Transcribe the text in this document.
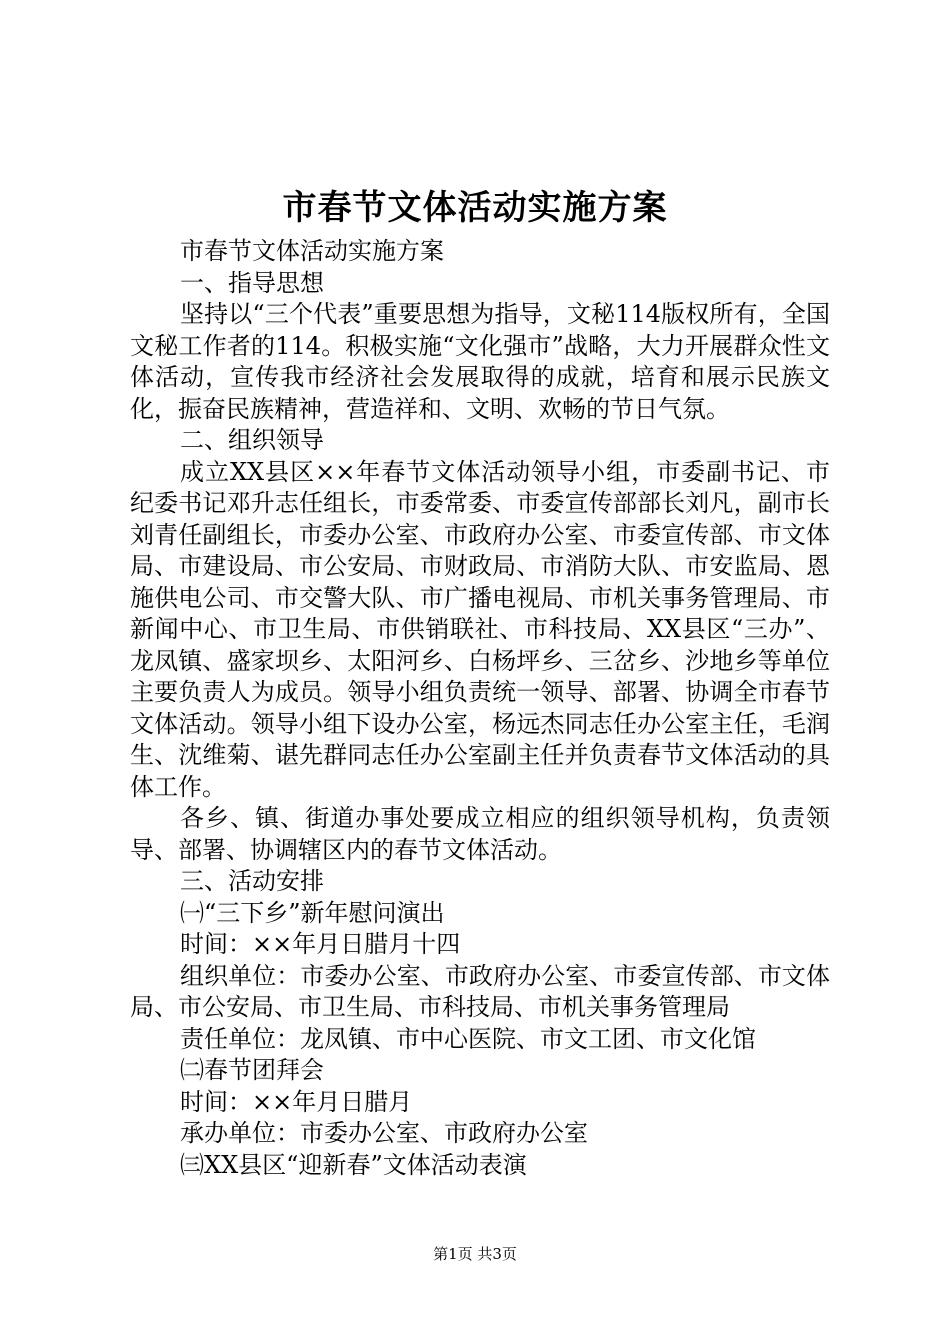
市春节文体活动实施方案

市春节文体活动实施方案

一、指导思想

坚持以“三个代表”重要思想为指导，文秘114版权所有，全国文秘工作者的114。积极实施“文化强市”战略，大力开展群众性文体活动，宣传我市经济社会发展取得的成就，培育和展示民族文化，振奋民族精神，营造祥和、文明、欢畅的节日气氛。

二、组织领导

成立XX县区××年春节文体活动领导小组，市委副书记、市纪委书记邓升志任组长，市委常委、市委宣传部部长刘凡，副市长刘青任副组长，市委办公室、市政府办公室、市委宣传部、市文体局、市建设局、市公安局、市财政局、市消防大队、市安监局、恩施供电公司、市交警大队、市广播电视局、市机关事务管理局、市新闻中心、市卫生局、市供销联社、市科技局、XX县区“三办”、龙凤镇、盛家坝乡、太阳河乡、白杨坪乡、三岔乡、沙地乡等单位主要负责人为成员。领导小组负责统一领导、部署、协调全市春节文体活动。领导小组下设办公室，杨远杰同志任办公室主任，毛润生、沈维菊、谌先群同志任办公室副主任并负责春节文体活动的具体工作。

各乡、镇、街道办事处要成立相应的组织领导机构，负责领导、部署、协调辖区内的春节文体活动。

三、活动安排

㈠“三下乡”新年慰问演出

时间：××年月日腊月十四

组织单位：市委办公室、市政府办公室、市委宣传部、市文体局、市公安局、市卫生局、市科技局、市机关事务管理局

责任单位：龙凤镇、市中心医院、市文工团、市文化馆

㈡春节团拜会

时间：××年月日腊月

承办单位：市委办公室、市政府办公室

㈢XX县区“迎新春”文体活动表演

第1页 共3页
